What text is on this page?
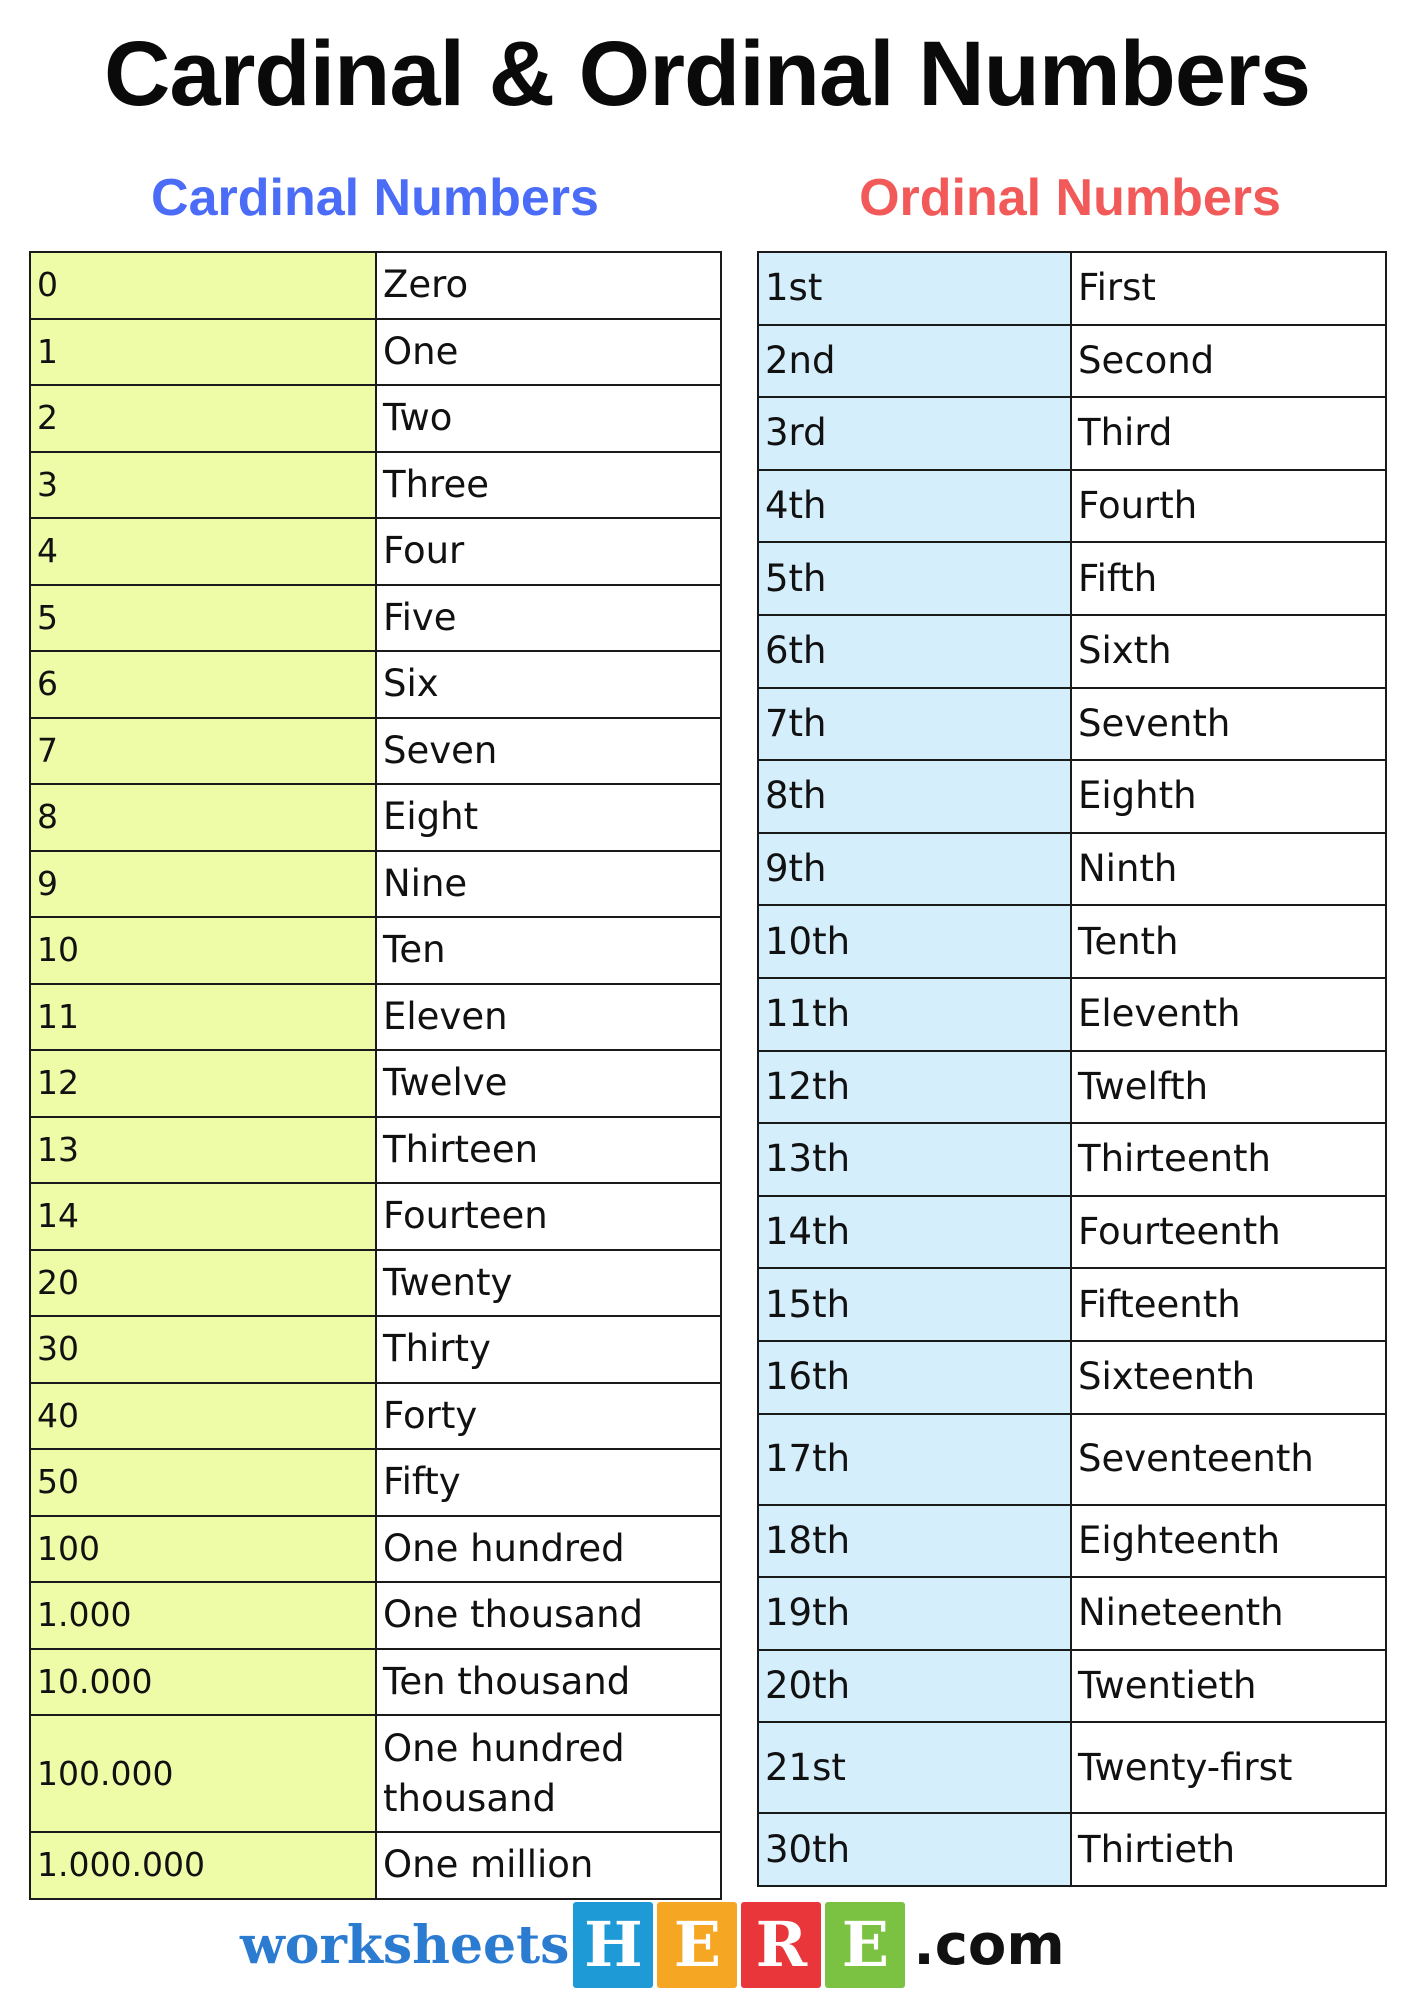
Cardinal & Ordinal Numbers
Cardinal Numbers	Ordinal Numbers
0	Zero
1	One
2	Two
3	Three
4	Four
5	Five
6	Six
7	Seven
8	Eight
9	Nine
10	Ten
11	Eleven
12	Twelve
13	Thirteen
14	Fourteen
20	Twenty
30	Thirty
40	Forty
50	Fifty
100	One hundred
1.000	One thousand
10.000	Ten thousand
100.000	One hundred thousand
1.000.000	One million
1st	First
2nd	Second
3rd	Third
4th	Fourth
5th	Fifth
6th	Sixth
7th	Seventh
8th	Eighth
9th	Ninth
10th	Tenth
11th	Eleventh
12th	Twelfth
13th	Thirteenth
14th	Fourteenth
15th	Fifteenth
16th	Sixteenth
17th	Seventeenth
18th	Eighteenth
19th	Nineteenth
20th	Twentieth
21st	Twenty-first
30th	Thirtieth
worksheets H E R E .com
